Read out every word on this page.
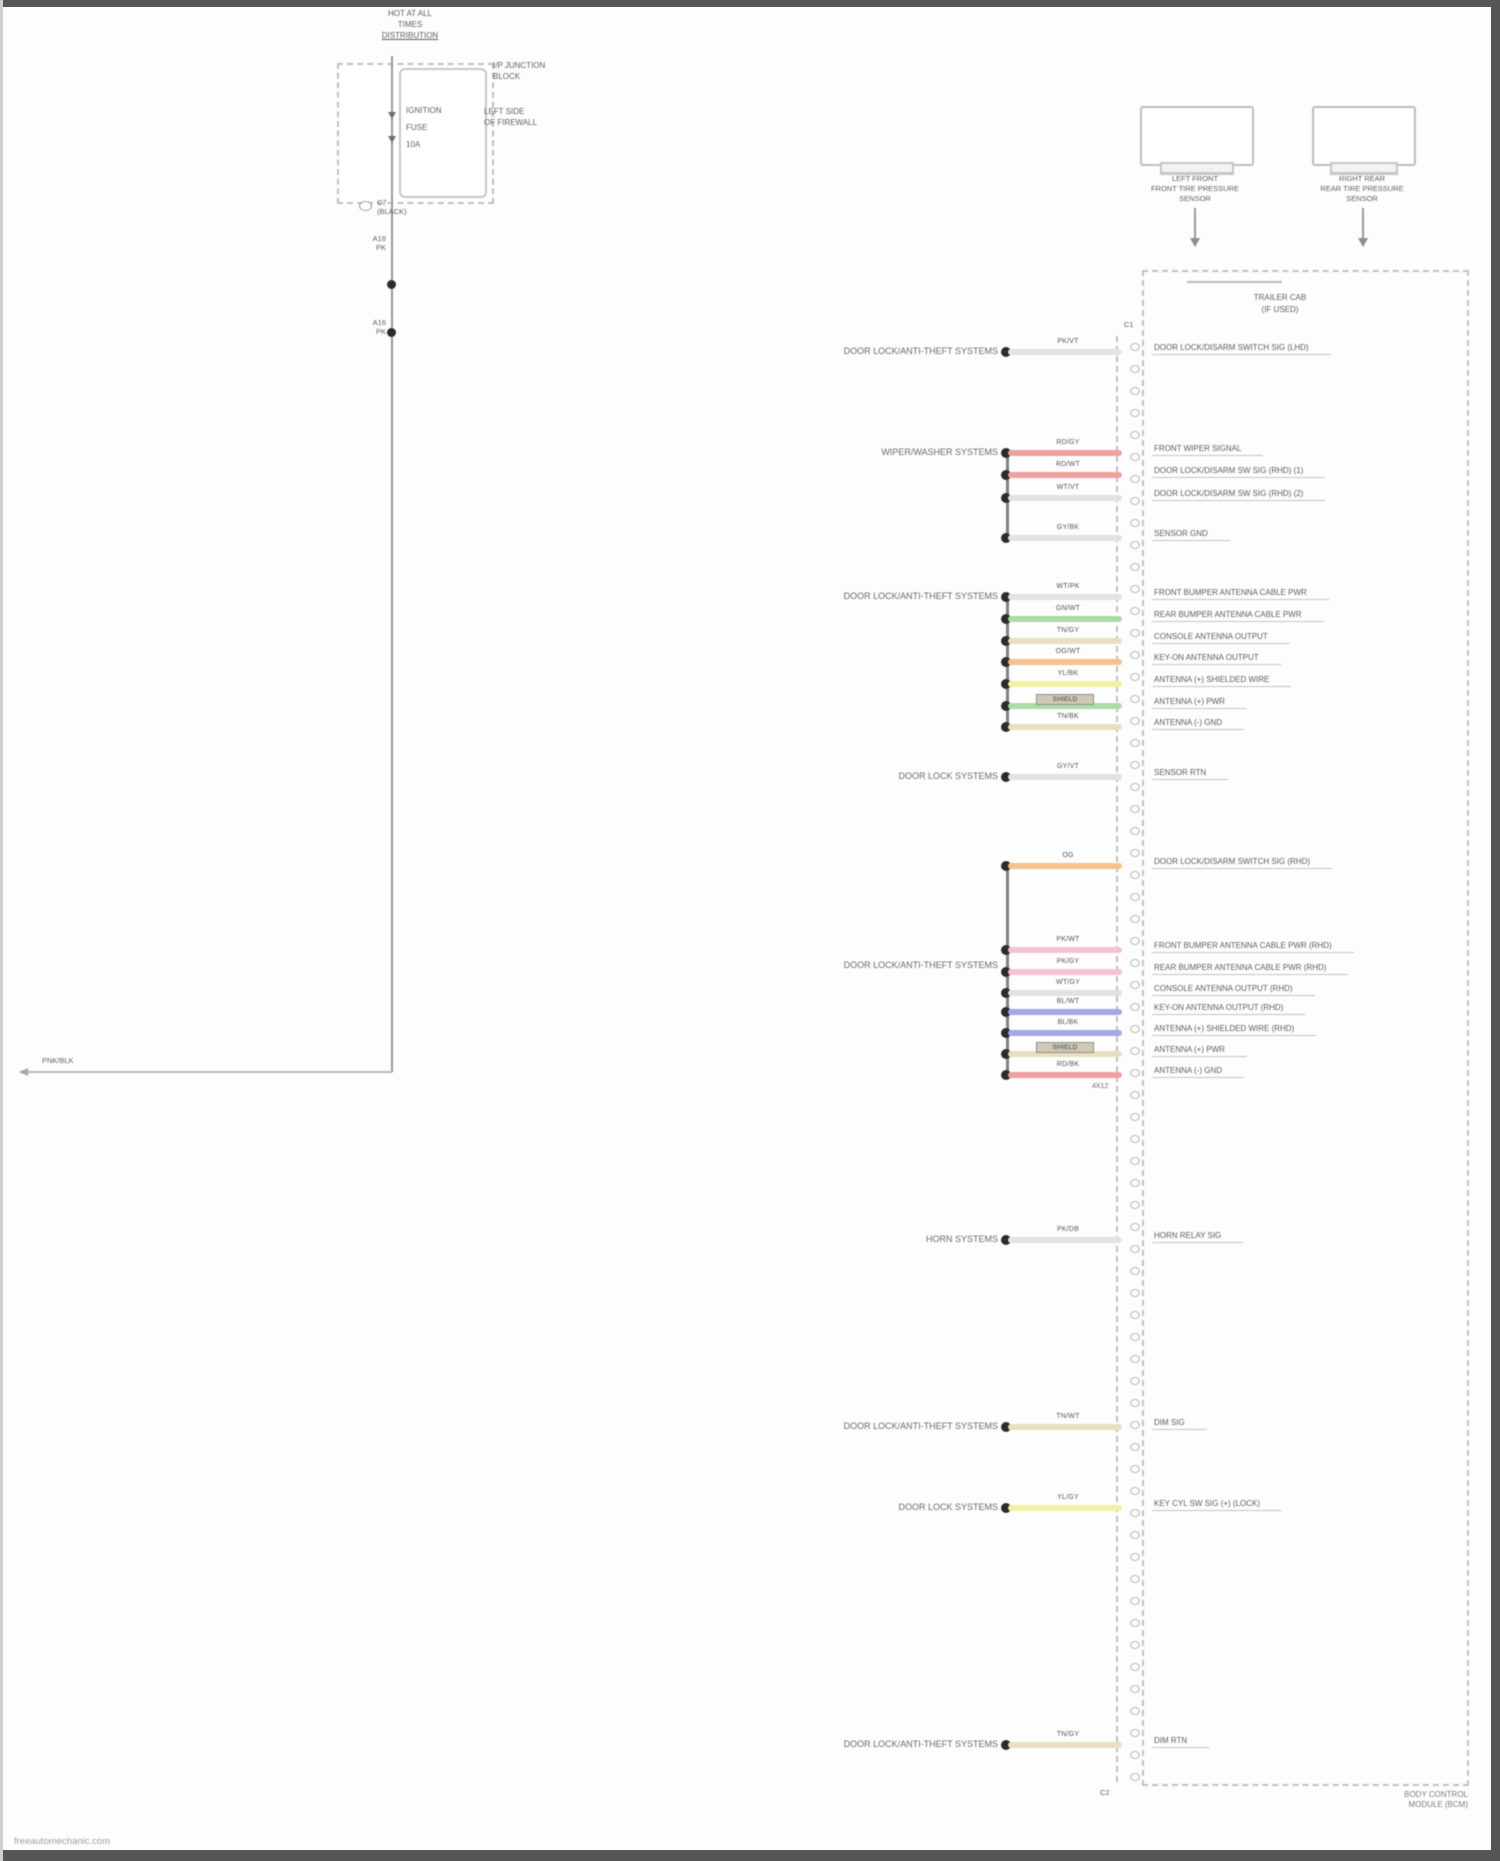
HOT AT ALL
TIMES
DISTRIBUTION
PNK/BLK
IGNITION
FUSE
10A
I/P JUNCTION
BLOCK
LEFT SIDE
OF FIREWALL
C7
(BLACK)
A16
PK
A16
PK
LEFT FRONT
FRONT TIRE PRESSURE
SENSOR
RIGHT REAR
REAR TIRE PRESSURE
SENSOR
TRAILER CAB
(IF USED)
C1
C2
freeautomechanic.com
BODY CONTROL
MODULE (BCM)
DOOR LOCK/ANTI-THEFT SYSTEMS
WIPER/WASHER SYSTEMS
DOOR LOCK/ANTI-THEFT SYSTEMS
DOOR LOCK SYSTEMS
DOOR LOCK/ANTI-THEFT SYSTEMS
HORN SYSTEMS
DOOR LOCK/ANTI-THEFT SYSTEMS
DOOR LOCK SYSTEMS
DOOR LOCK/ANTI-THEFT SYSTEMS
PK/VT
DOOR LOCK/DISARM SWITCH SIG (LHD)
RD/GY
FRONT WIPER SIGNAL
RD/WT
DOOR LOCK/DISARM SW SIG (RHD) (1)
WT/VT
DOOR LOCK/DISARM SW SIG (RHD) (2)
GY/BK
SENSOR GND
WT/PK
FRONT BUMPER ANTENNA CABLE PWR
GN/WT
REAR BUMPER ANTENNA CABLE PWR
TN/GY
CONSOLE ANTENNA OUTPUT
OG/WT
KEY-ON ANTENNA OUTPUT
YL/BK
ANTENNA (+) SHIELDED WIRE
SHIELD	ANTENNA (+) PWR
TN/BK
ANTENNA (-) GND
GY/VT
SENSOR RTN
OG
DOOR LOCK/DISARM SWITCH SIG (RHD)
PK/WT
FRONT BUMPER ANTENNA CABLE PWR (RHD)
PK/GY
REAR BUMPER ANTENNA CABLE PWR (RHD)
WT/GY
CONSOLE ANTENNA OUTPUT (RHD)
BL/WT
KEY-ON ANTENNA OUTPUT (RHD)
BL/BK
ANTENNA (+) SHIELDED WIRE (RHD)
SHIELD	ANTENNA (+) PWR
RD/BK
ANTENNA (-) GND
4X12
PK/DB
HORN RELAY SIG
TN/WT
DIM SIG
YL/GY
KEY CYL SW SIG (+) (LOCK)
TN/GY
DIM RTN
